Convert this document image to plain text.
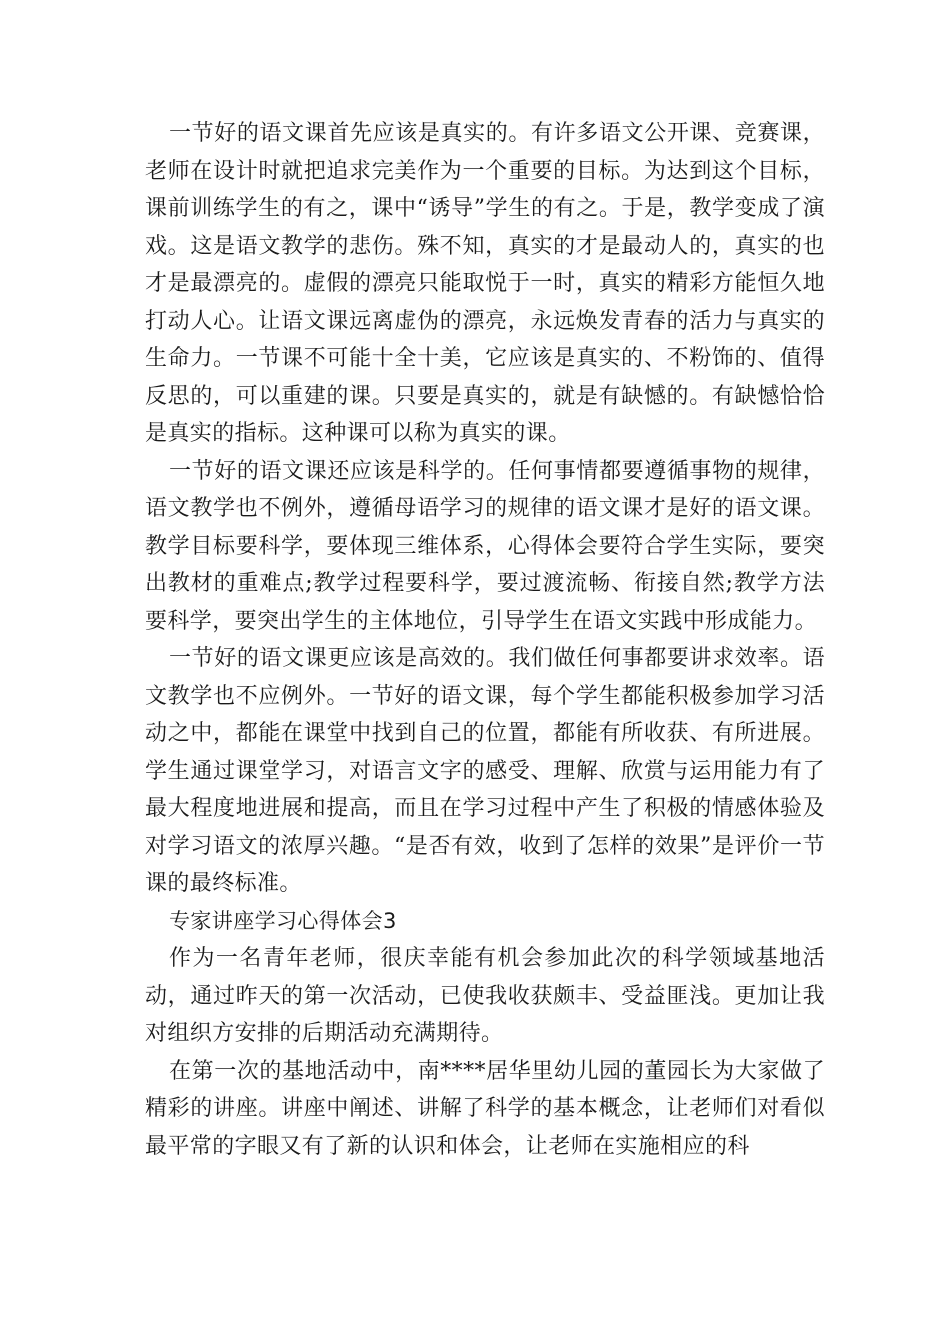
一节好的语文课首先应该是真实的。有许多语文公开课、竞赛课，老师在设计时就把追求完美作为一个重要的目标。为达到这个目标，课前训练学生的有之，课中“诱导”学生的有之。于是，教学变成了演戏。这是语文教学的悲伤。殊不知，真实的才是最动人的，真实的也才是最漂亮的。虚假的漂亮只能取悦于一时，真实的精彩方能恒久地打动人心。让语文课远离虚伪的漂亮，永远焕发青春的活力与真实的生命力。一节课不可能十全十美，它应该是真实的、不粉饰的、值得反思的，可以重建的课。只要是真实的，就是有缺憾的。有缺憾恰恰是真实的指标。这种课可以称为真实的课。

一节好的语文课还应该是科学的。任何事情都要遵循事物的规律，语文教学也不例外，遵循母语学习的规律的语文课才是好的语文课。教学目标要科学，要体现三维体系，心得体会要符合学生实际，要突出教材的重难点;教学过程要科学，要过渡流畅、衔接自然;教学方法要科学，要突出学生的主体地位，引导学生在语文实践中形成能力。

一节好的语文课更应该是高效的。我们做任何事都要讲求效率。语文教学也不应例外。一节好的语文课，每个学生都能积极参加学习活动之中，都能在课堂中找到自己的位置，都能有所收获、有所进展。学生通过课堂学习，对语言文字的感受、理解、欣赏与运用能力有了最大程度地进展和提高，而且在学习过程中产生了积极的情感体验及对学习语文的浓厚兴趣。“是否有效，收到了怎样的效果”是评价一节课的最终标准。

专家讲座学习心得体会3

作为一名青年老师，很庆幸能有机会参加此次的科学领域基地活动，通过昨天的第一次活动，已使我收获颇丰、受益匪浅。更加让我对组织方安排的后期活动充满期待。

在第一次的基地活动中，南****居华里幼儿园的董园长为大家做了精彩的讲座。讲座中阐述、讲解了科学的基本概念，让老师们对看似最平常的字眼又有了新的认识和体会，让老师在实施相应的科
